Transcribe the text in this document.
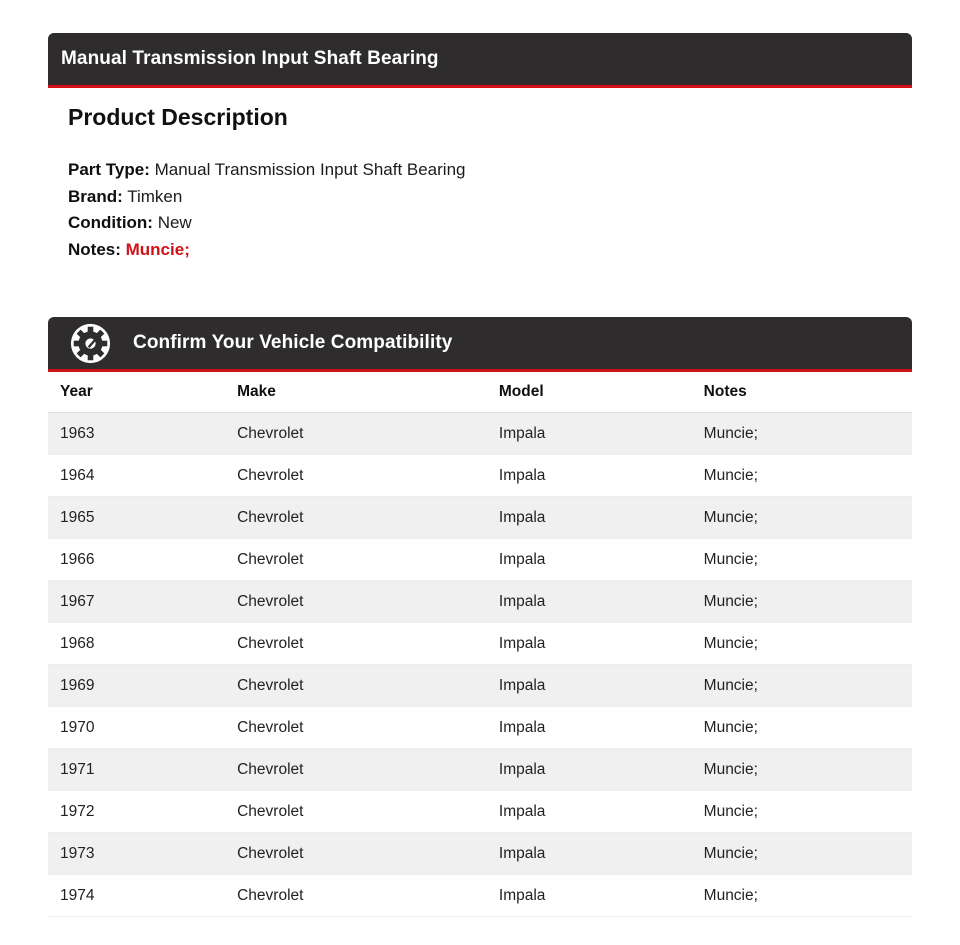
Manual Transmission Input Shaft Bearing
Product Description
Part Type: Manual Transmission Input Shaft Bearing
Brand: Timken
Condition: New
Notes: Muncie;
Confirm Your Vehicle Compatibility
Year	Make	Model	Notes
1963	Chevrolet	Impala	Muncie;
1964	Chevrolet	Impala	Muncie;
1965	Chevrolet	Impala	Muncie;
1966	Chevrolet	Impala	Muncie;
1967	Chevrolet	Impala	Muncie;
1968	Chevrolet	Impala	Muncie;
1969	Chevrolet	Impala	Muncie;
1970	Chevrolet	Impala	Muncie;
1971	Chevrolet	Impala	Muncie;
1972	Chevrolet	Impala	Muncie;
1973	Chevrolet	Impala	Muncie;
1974	Chevrolet	Impala	Muncie;
